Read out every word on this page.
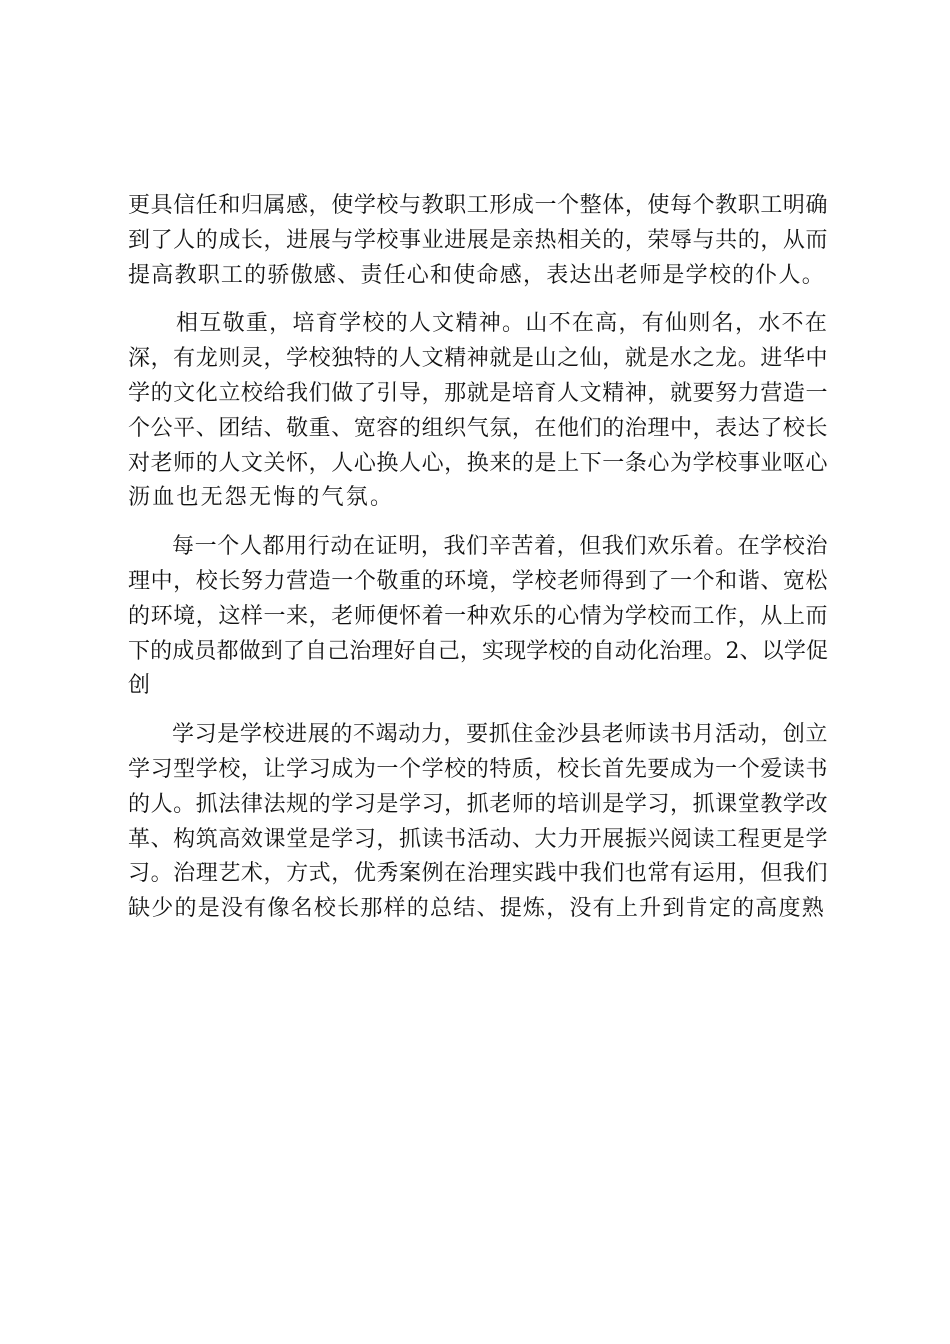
更具信任和归属感，使学校与教职工形成一个整体，使每个教职工明确
到了人的成长，进展与学校事业进展是亲热相关的，荣辱与共的，从而
提高教职工的骄傲感、责任心和使命感，表达出老师是学校的仆人。
相互敬重，培育学校的人文精神。山不在高，有仙则名，水不在
深，有龙则灵，学校独特的人文精神就是山之仙，就是水之龙。进华中
学的文化立校给我们做了引导，那就是培育人文精神，就要努力营造一
个公平、团结、敬重、宽容的组织气氛，在他们的治理中，表达了校长
对老师的人文关怀，人心换人心，换来的是上下一条心为学校事业呕心
沥血也无怨无悔的气氛。
每一个人都用行动在证明，我们辛苦着，但我们欢乐着。在学校治
理中，校长努力营造一个敬重的环境，学校老师得到了一个和谐、宽松
的环境，这样一来，老师便怀着一种欢乐的心情为学校而工作，从上而
下的成员都做到了自己治理好自己，实现学校的自动化治理。2、以学促
创
学习是学校进展的不竭动力，要抓住金沙县老师读书月活动，创立
学习型学校，让学习成为一个学校的特质，校长首先要成为一个爱读书
的人。抓法律法规的学习是学习，抓老师的培训是学习，抓课堂教学改
革、构筑高效课堂是学习，抓读书活动、大力开展振兴阅读工程更是学
习。治理艺术，方式，优秀案例在治理实践中我们也常有运用，但我们
缺少的是没有像名校长那样的总结、提炼，没有上升到肯定的高度熟
